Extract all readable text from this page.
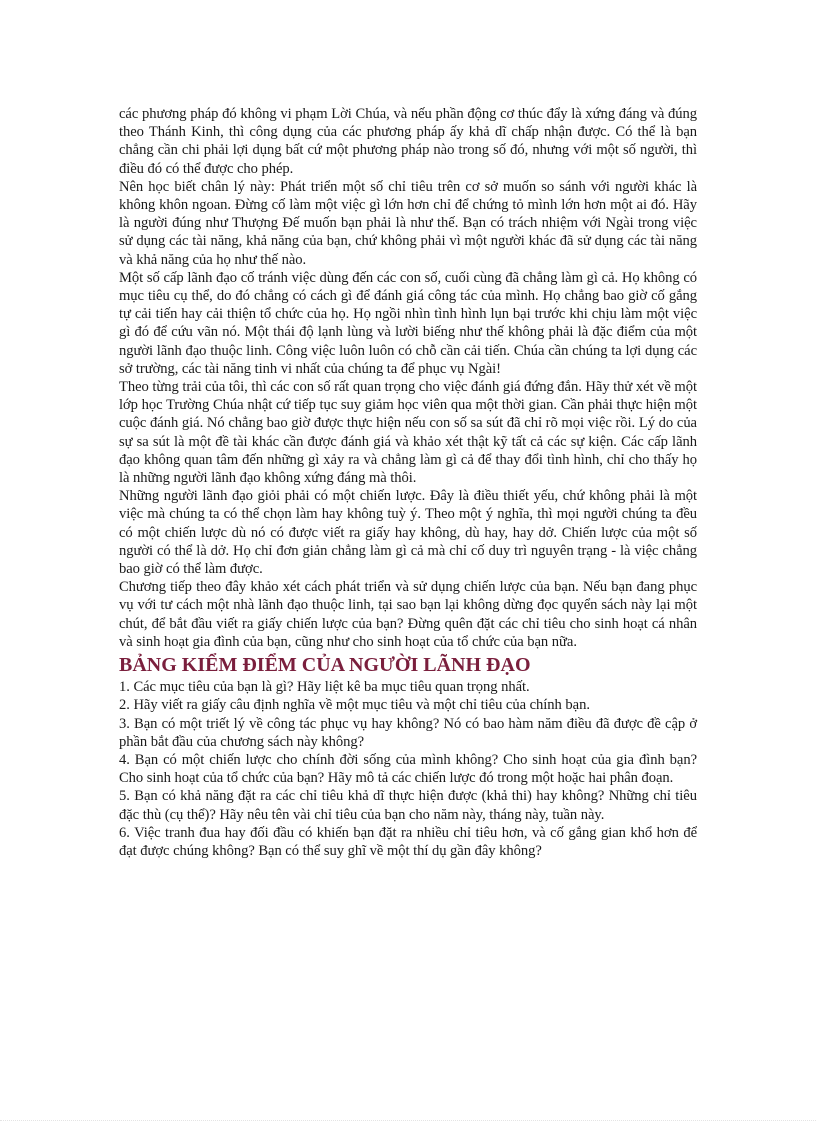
các phương pháp đó không vi phạm Lời Chúa, và nếu phần động cơ thúc đẩy là xứng đáng và đúng theo Thánh Kinh, thì công dụng của các phương pháp ấy khả dĩ chấp nhận được. Có thể là bạn chẳng cần chi phải lợi dụng bất cứ một phương pháp nào trong số đó, nhưng với một số người, thì điều đó có thể được cho phép.

Nên học biết chân lý này: Phát triển một số chỉ tiêu trên cơ sở muốn so sánh với người khác là không khôn ngoan. Đừng cố làm một việc gì lớn hơn chỉ để chứng tỏ mình lớn hơn một ai đó. Hãy là người đúng như Thượng Đế muốn bạn phải là như thế. Bạn có trách nhiệm với Ngài trong việc sử dụng các tài năng, khả năng của bạn, chứ không phải vì một người khác đã sử dụng các tài năng và khả năng của họ như thế nào.

Một số cấp lãnh đạo cố tránh việc dùng đến các con số, cuối cùng đã chẳng làm gì cả. Họ không có mục tiêu cụ thể, do đó chẳng có cách gì để đánh giá công tác của mình. Họ chẳng bao giờ cố gắng tự cải tiến hay cải thiện tổ chức của họ. Họ ngồi nhìn tình hình lụn bại trước khi chịu làm một việc gì đó để cứu vãn nó. Một thái độ lạnh lùng và lười biếng như thế không phải là đặc điểm của một người lãnh đạo thuộc linh. Công việc luôn luôn có chỗ cần cải tiến. Chúa cần chúng ta lợi dụng các sở trường, các tài năng tinh vi nhất của chúng ta để phục vụ Ngài!

Theo từng trải của tôi, thì các con số rất quan trọng cho việc đánh giá đứng đắn. Hãy thử xét về một lớp học Trường Chúa nhật cứ tiếp tục suy giảm học viên qua một thời gian. Cần phải thực hiện một cuộc đánh giá. Nó chẳng bao giờ được thực hiện nếu con số sa sút đã chỉ rõ mọi việc rồi. Lý do của sự sa sút là một đề tài khác cần được đánh giá và khảo xét thật kỹ tất cả các sự kiện. Các cấp lãnh đạo không quan tâm đến những gì xảy ra và chẳng làm gì cả để thay đổi tình hình, chỉ cho thấy họ là những người lãnh đạo không xứng đáng mà thôi.

Những người lãnh đạo giỏi phải có một chiến lược. Đây là điều thiết yếu, chứ không phải là một việc mà chúng ta có thể chọn làm hay không tuỳ ý. Theo một ý nghĩa, thì mọi người chúng ta đều có một chiến lược dù nó có được viết ra giấy hay không, dù hay, hay dở. Chiến lược của một số người có thể là dở. Họ chỉ đơn giản chẳng làm gì cả mà chỉ cố duy trì nguyên trạng - là việc chẳng bao giờ có thể làm được.

Chương tiếp theo đây khảo xét cách phát triển và sử dụng chiến lược của bạn. Nếu bạn đang phục vụ với tư cách một nhà lãnh đạo thuộc linh, tại sao bạn lại không dừng đọc quyển sách này lại một chút, để bắt đầu viết ra giấy chiến lược của bạn? Đừng quên đặt các chỉ tiêu cho sinh hoạt cá nhân và sinh hoạt gia đình của bạn, cũng như cho sinh hoạt của tổ chức của bạn nữa.

BẢNG KIỂM ĐIỂM CỦA NGƯỜI LÃNH ĐẠO

1. Các mục tiêu của bạn là gì? Hãy liệt kê ba mục tiêu quan trọng nhất.

2. Hãy viết ra giấy câu định nghĩa về một mục tiêu và một chỉ tiêu của chính bạn.

3. Bạn có một triết lý về công tác phục vụ hay không? Nó có bao hàm năm điều đã được đề cập ở phần bắt đầu của chương sách này không?

4. Bạn có một chiến lược cho chính đời sống của mình không? Cho sinh hoạt của gia đình bạn? Cho sinh hoạt của tổ chức của bạn? Hãy mô tả các chiến lược đó trong một hoặc hai phân đoạn.

5. Bạn có khả năng đặt ra các chỉ tiêu khả dĩ thực hiện được (khả thi) hay không? Những chỉ tiêu đặc thù (cụ thể)? Hãy nêu tên vài chỉ tiêu của bạn cho năm này, tháng này, tuần này.

6. Việc tranh đua hay đối đầu có khiến bạn đặt ra nhiều chỉ tiêu hơn, và cố gắng gian khổ hơn để đạt được chúng không? Bạn có thể suy ghĩ về một thí dụ gần đây không?
